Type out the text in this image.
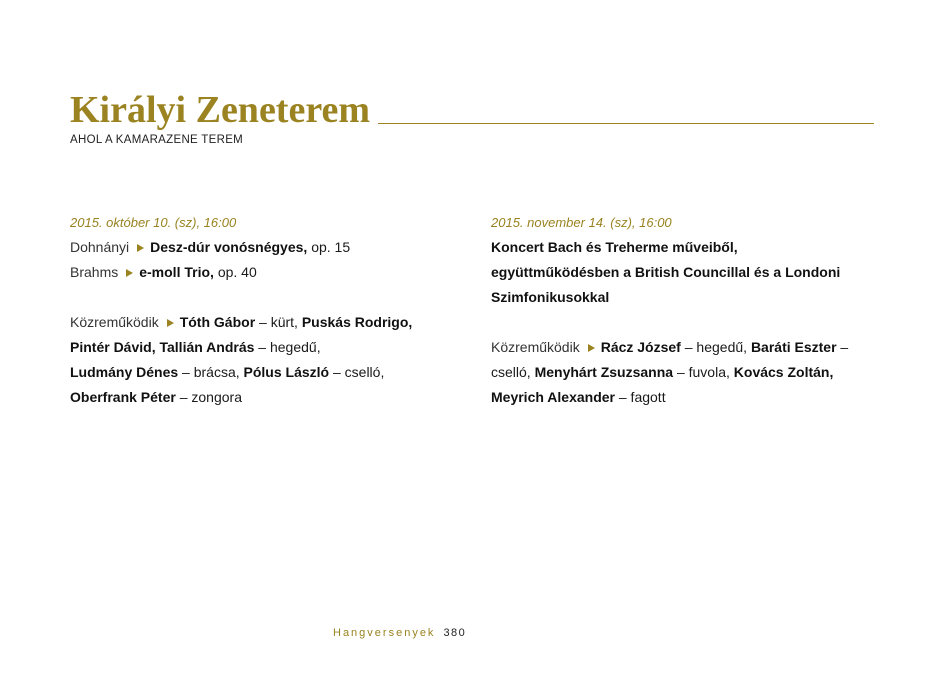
Királyi Zeneterem
AHOL A KAMARAZENE TEREM
2015. október 10. (sz), 16:00
Dohnányi Desz-dúr vonósnégyes, op. 15
Brahms e-moll Trio, op. 40
Közreműködik Tóth Gábor – kürt, Puskás Rodrigo,
Pintér Dávid, Tallián András – hegedű,
Ludmány Dénes – brácsa, Pólus László – cselló,
Oberfrank Péter – zongora
2015. november 14. (sz), 16:00
Koncert Bach és Treherme műveiből,
együttműködésben a British Councillal és a Londoni
Szimfonikusokkal
Közreműködik Rácz József – hegedű, Baráti Eszter –
cselló, Menyhárt Zsuzsanna – fuvola, Kovács Zoltán,
Meyrich Alexander – fagott
Hangversenyek 380
